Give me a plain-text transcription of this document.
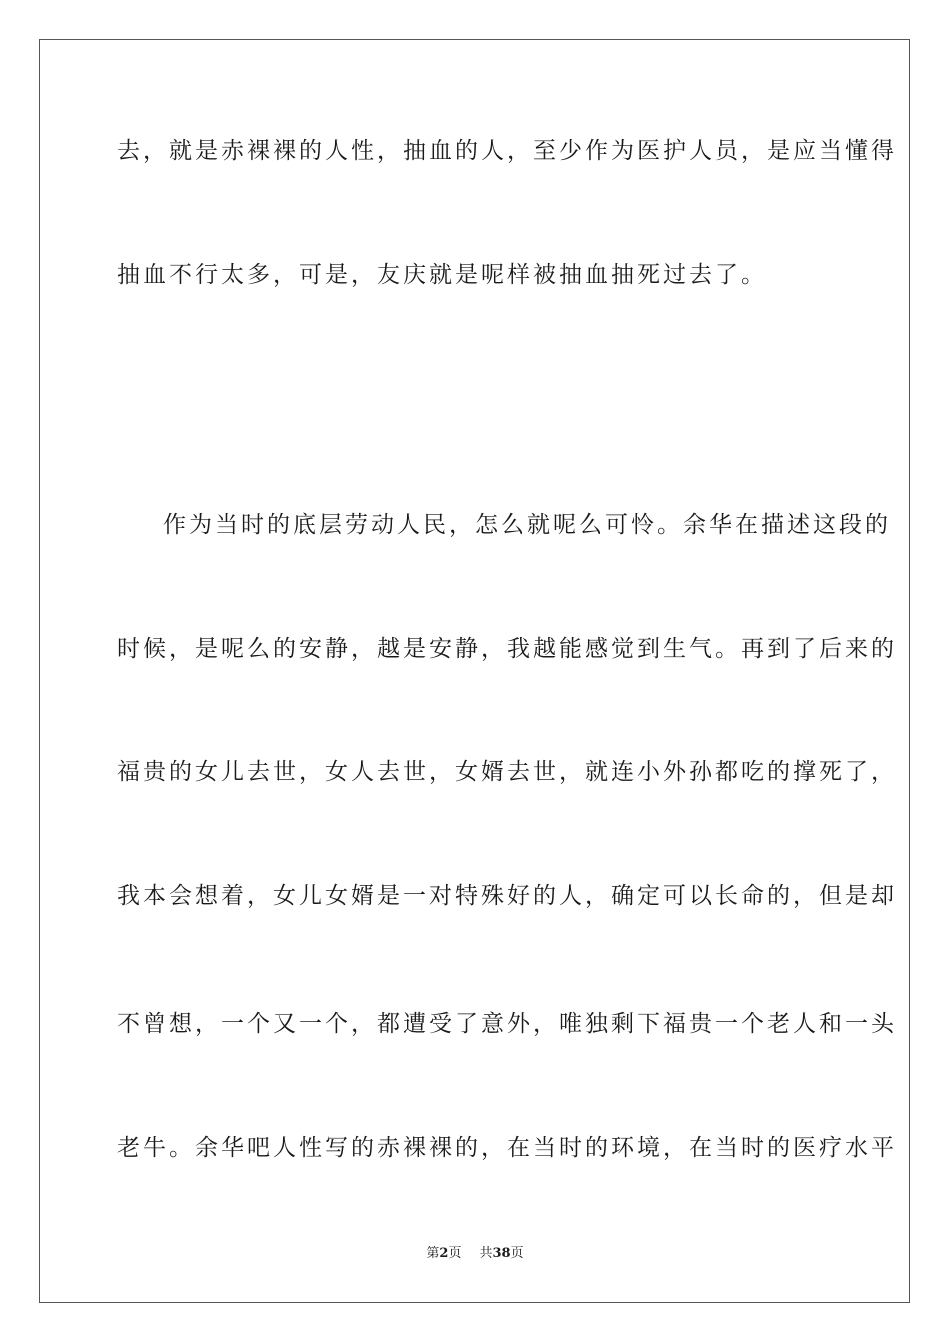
去，就是赤裸裸的人性，抽血的人，至少作为医护人员，是应当懂得
抽血不行太多，可是，友庆就是呢样被抽血抽死过去了。
作为当时的底层劳动人民，怎么就呢么可怜。余华在描述这段的
时候，是呢么的安静，越是安静，我越能感觉到生气。再到了后来的
福贵的女儿去世，女人去世，女婿去世，就连小外孙都吃的撑死了，
我本会想着，女儿女婿是一对特殊好的人，确定可以长命的，但是却
不曾想，一个又一个，都遭受了意外，唯独剩下福贵一个老人和一头
老牛。余华吧人性写的赤裸裸的，在当时的环境，在当时的医疗水平
第2页 共38页
